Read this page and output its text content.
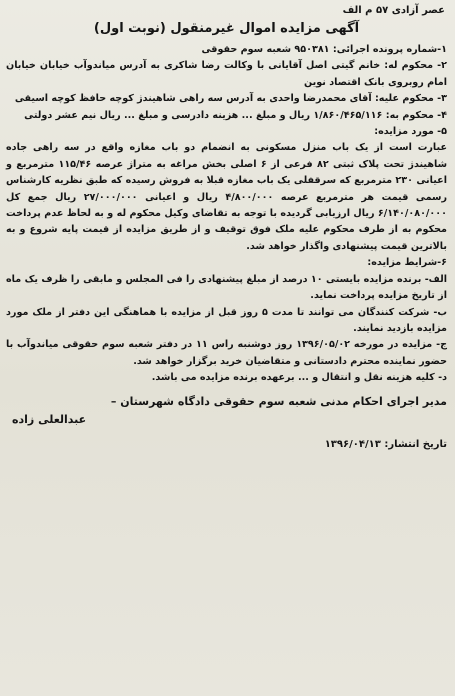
عصر آزادی ۵۷ م الف
آگهی مزایده اموال غیرمنقول (نوبت اول)

۱-شماره پرونده اجرائی: ۹۵۰۳۸۱ شعبه سوم حقوقی

۲- محکوم له: خانم گیتی اصل آقایانی با وکالت رضا شاکری به آدرس میاندوآب خیابان خیابان امام روبروی بانک اقتصاد نوین

۳- محکوم علیه: آقای محمدرضا واحدی به آدرس سه راهی شاهیندژ کوچه حافظ کوچه اسیقی

۴- محکوم به: ۱/۸۶۰/۴۶۵/۱۱۶ ریال و مبلغ ... هزینه دادرسی و مبلغ ... ریال نیم عشر دولتی

۵- مورد مزایده:

عبارت است از یک باب منزل مسکونی به انضمام دو باب مغازه واقع در سه راهی جاده شاهیندژ تحت پلاک ثبتی ۸۲ فرعی از ۶ اصلی بخش مراغه به متراژ عرصه ۱۱۵/۴۶ مترمربع و اعیانی ۲۳۰ مترمربع که سرقفلی یک باب مغازه قبلا به فروش رسیده که طبق نظریه کارشناس رسمی قیمت هر مترمربع عرصه ۴/۸۰۰/۰۰۰ ریال و اعیانی ۲۷/۰۰۰/۰۰۰ ریال جمع کل ۶/۱۴۰/۰۸۰/۰۰۰ ریال ارزیابی گردیده با توجه به تقاضای وکیل محکوم له و به لحاظ عدم پرداخت محکوم به از طرف محکوم علیه ملک فوق توقیف و از طریق مزایده از قیمت پایه شروع و به بالاترین قیمت پیشنهادی واگذار خواهد شد.

۶-شرایط مزایده:

الف- برنده مزایده بایستی ۱۰ درصد از مبلغ پیشنهادی را فی المجلس و مابقی را ظرف یک ماه از تاریخ مزایده پرداخت نماید.

ب- شرکت کنندگان می توانند تا مدت ۵ روز قبل از مزایده با هماهنگی این دفتر از ملک مورد مزایده بازدید نمایند.

ج- مزایده در مورخه ۱۳۹۶/۰۵/۰۲ روز دوشنبه راس ۱۱ در دفتر شعبه سوم حقوقی میاندوآب با حضور نماینده محترم دادستانی و متقاضیان خرید برگزار خواهد شد.

د- کلیه هزینه نقل و انتقال و ... برعهده برنده مزایده می باشد.

مدیر اجرای احکام مدنی شعبه سوم حقوقی دادگاه شهرستان –
عبدالعلی زاده
تاریخ انتشار: ۱۳۹۶/۰۴/۱۳
